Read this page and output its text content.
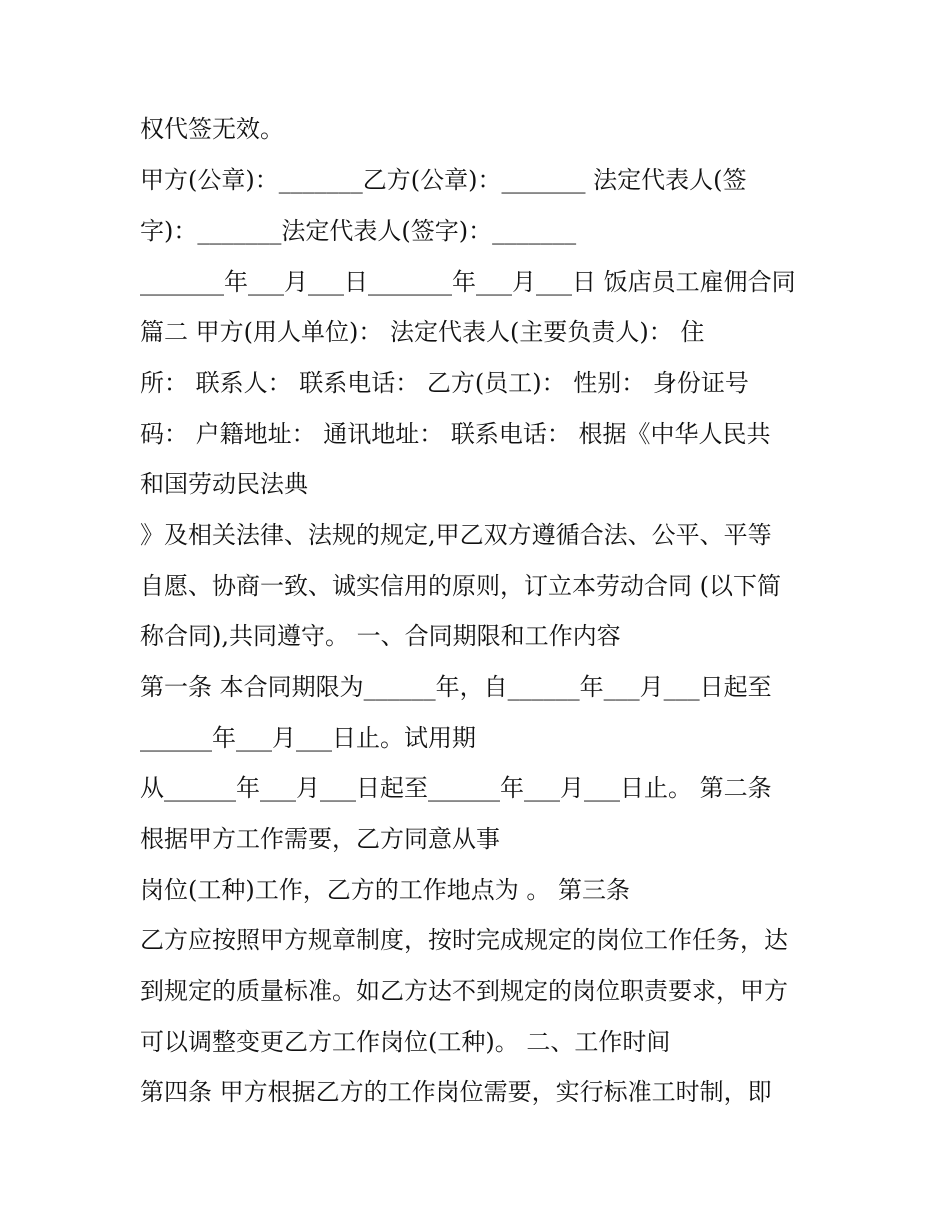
权代签无效。
甲方(公章)：_______乙方(公章)：_______ 法定代表人(签
字)：_______法定代表人(签字)：_______
_______年___月___日_______年___月___日 饭店员工雇佣合同
篇二 甲方(用人单位)： 法定代表人(主要负责人)： 住
所： 联系人： 联系电话： 乙方(员工)： 性别： 身份证号
码： 户籍地址： 通讯地址： 联系电话： 根据《中华人民共
和国劳动民法典
》及相关法律、法规的规定,甲乙双方遵循合法、公平、平等
自愿、协商一致、诚实信用的原则，订立本劳动合同 (以下简
称合同),共同遵守。 一、合同期限和工作内容
第一条 本合同期限为______年，自______年___月___日起至
______年___月___日止。试用期
从______年___月___日起至______年___月___日止。 第二条
根据甲方工作需要，乙方同意从事
岗位(工种)工作，乙方的工作地点为 。 第三条
乙方应按照甲方规章制度，按时完成规定的岗位工作任务，达
到规定的质量标准。如乙方达不到规定的岗位职责要求，甲方
可以调整变更乙方工作岗位(工种)。 二、工作时间
第四条 甲方根据乙方的工作岗位需要，实行标准工时制，即
